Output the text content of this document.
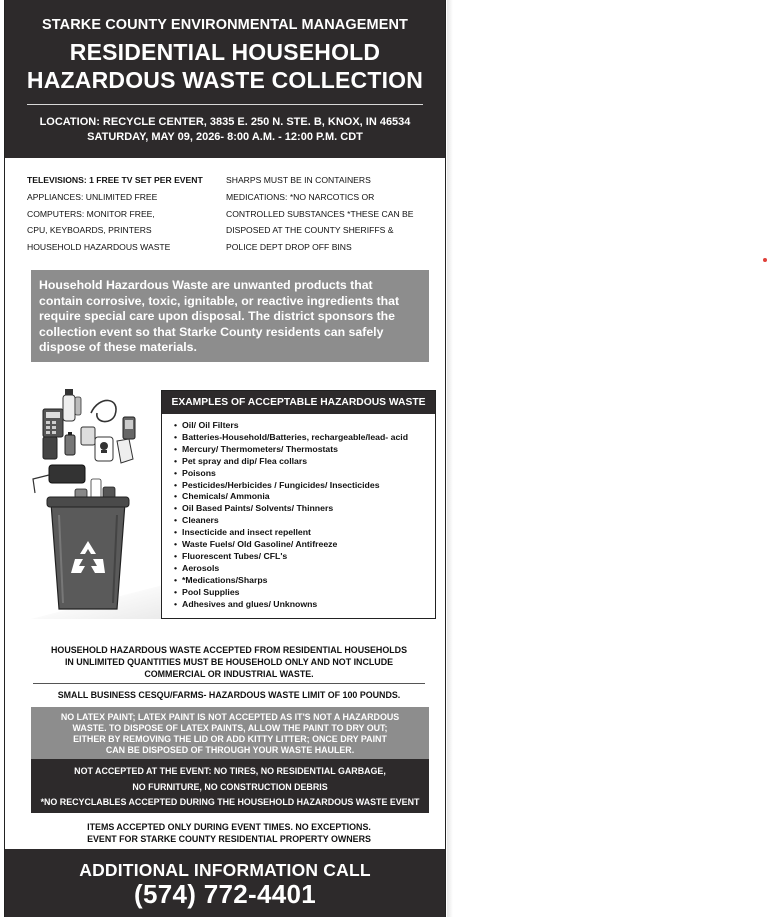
STARKE COUNTY ENVIRONMENTAL MANAGEMENT
RESIDENTIAL HOUSEHOLD
HAZARDOUS WASTE COLLECTION
LOCATION: RECYCLE CENTER, 3835 E. 250 N. STE. B, KNOX, IN 46534
SATURDAY, MAY 09, 2026- 8:00 A.M. - 12:00 P.M. CDT
TELEVISIONS: 1 FREE TV SET PER EVENT
APPLIANCES: UNLIMITED FREE
COMPUTERS: MONITOR FREE,
CPU, KEYBOARDS, PRINTERS
HOUSEHOLD HAZARDOUS WASTE
SHARPS MUST BE IN CONTAINERS
MEDICATIONS: *NO NARCOTICS OR
CONTROLLED SUBSTANCES *THESE CAN BE
DISPOSED AT THE COUNTY SHERIFFS &
POLICE DEPT DROP OFF BINS
Household Hazardous Waste are unwanted products that
contain corrosive, toxic, ignitable, or reactive ingredients that
require special care upon disposal. The district sponsors the
collection event so that Starke County residents can safely
dispose of these materials.
EXAMPLES OF ACCEPTABLE HAZARDOUS WASTE
• Oil/ Oil Filters
• Batteries-Household/Batteries, rechargeable/lead- acid
• Mercury/ Thermometers/ Thermostats
• Pet spray and dip/ Flea collars
• Poisons
• Pesticides/Herbicides / Fungicides/ Insecticides
• Chemicals/ Ammonia
• Oil Based Paints/ Solvents/ Thinners
• Cleaners
• Insecticide and insect repellent
• Waste Fuels/ Old Gasoline/ Antifreeze
• Fluorescent Tubes/ CFL's
• Aerosols
• *Medications/Sharps
• Pool Supplies
• Adhesives and glues/ Unknowns
HOUSEHOLD HAZARDOUS WASTE ACCEPTED FROM RESIDENTIAL HOUSEHOLDS
IN UNLIMITED QUANTITIES MUST BE HOUSEHOLD ONLY AND NOT INCLUDE
COMMERCIAL OR INDUSTRIAL WASTE.
SMALL BUSINESS CESQU/FARMS- HAZARDOUS WASTE LIMIT OF 100 POUNDS.
NO LATEX PAINT; LATEX PAINT IS NOT ACCEPTED AS IT'S NOT A HAZARDOUS
WASTE. TO DISPOSE OF LATEX PAINTS, ALLOW THE PAINT TO DRY OUT;
EITHER BY REMOVING THE LID OR ADD KITTY LITTER; ONCE DRY PAINT
CAN BE DISPOSED OF THROUGH YOUR WASTE HAULER.
NOT ACCEPTED AT THE EVENT: NO TIRES, NO RESIDENTIAL GARBAGE,
NO FURNITURE, NO CONSTRUCTION DEBRIS
*NO RECYCLABLES ACCEPTED DURING THE HOUSEHOLD HAZARDOUS WASTE EVENT
ITEMS ACCEPTED ONLY DURING EVENT TIMES. NO EXCEPTIONS.
EVENT FOR STARKE COUNTY RESIDENTIAL PROPERTY OWNERS
ADDITIONAL INFORMATION CALL
(574) 772-4401
